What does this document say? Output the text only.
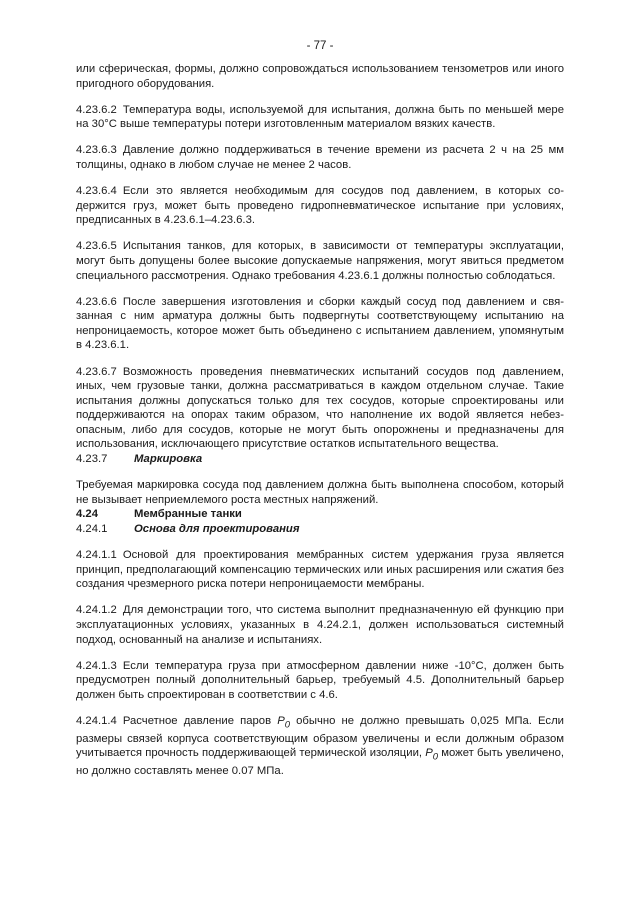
- 77 -

или сферическая, формы, должно сопровождаться использованием тензометров или иного пригодного оборудования.

4.23.6.2 Температура воды, используемой для испытания, должна быть по меньшей мере на 30°С выше температуры потери изготовленным материалом вязких качеств.

4.23.6.3 Давление должно поддерживаться в течение времени из расчета 2 ч на 25 мм толщины, однако в любом случае не менее 2 часов.

4.23.6.4 Если это является необходимым для сосудов под давлением, в которых содержится груз, может быть проведено гидропневматическое испытание при условиях, предписанных в 4.23.6.1–4.23.6.3.

4.23.6.5 Испытания танков, для которых, в зависимости от температуры эксплуатации, могут быть допущены более высокие допускаемые напряжения, могут явиться предметом специального рассмотрения. Однако требования 4.23.6.1 должны полностью соблодаться.

4.23.6.6 После завершения изготовления и сборки каждый сосуд под давлением и связанная с ним арматура должны быть подвергнуты соответствующему испытанию на непроницаемость, которое может быть объединено с испытанием давлением, упомянутым в 4.23.6.1.

4.23.6.7 Возможность проведения пневматических испытаний сосудов под давлением, иных, чем грузовые танки, должна рассматриваться в каждом отдельном случае. Такие испытания должны допускаться только для тех сосудов, которые спроектированы или поддерживаются на опорах таким образом, что наполнение их водой является небезопасным, либо для сосудов, которые не могут быть опорожнены и предназначены для использования, исключающего присутствие остатков испытательного вещества.

4.23.7	Маркировка

Требуемая маркировка сосуда под давлением должна быть выполнена способом, который не вызывает неприемлемого роста местных напряжений.

4.24	Мембранные танки
4.24.1	Основа для проектирования

4.24.1.1 Основой для проектирования мембранных систем удержания груза является принцип, предполагающий компенсацию термических или иных расширения или сжатия без создания чрезмерного риска потери непроницаемости мембраны.

4.24.1.2 Для демонстрации того, что система выполнит предназначенную ей функцию при эксплуатационных условиях, указанных в 4.24.2.1, должен использоваться системный подход, основанный на анализе и испытаниях.

4.24.1.3 Если температура груза при атмосферном давлении ниже -10°С, должен быть предусмотрен полный дополнительный барьер, требуемый 4.5. Дополнительный барьер должен быть спроектирован в соответствии с 4.6.

4.24.1.4 Расчетное давление паров $P_0$ обычно не должно превышать 0,025 МПа. Если размеры связей корпуса соответствующим образом увеличены и если должным образом учитывается прочность поддерживающей термической изоляции, $P_0$ может быть увеличено, но должно составлять менее 0.07 МПа.
